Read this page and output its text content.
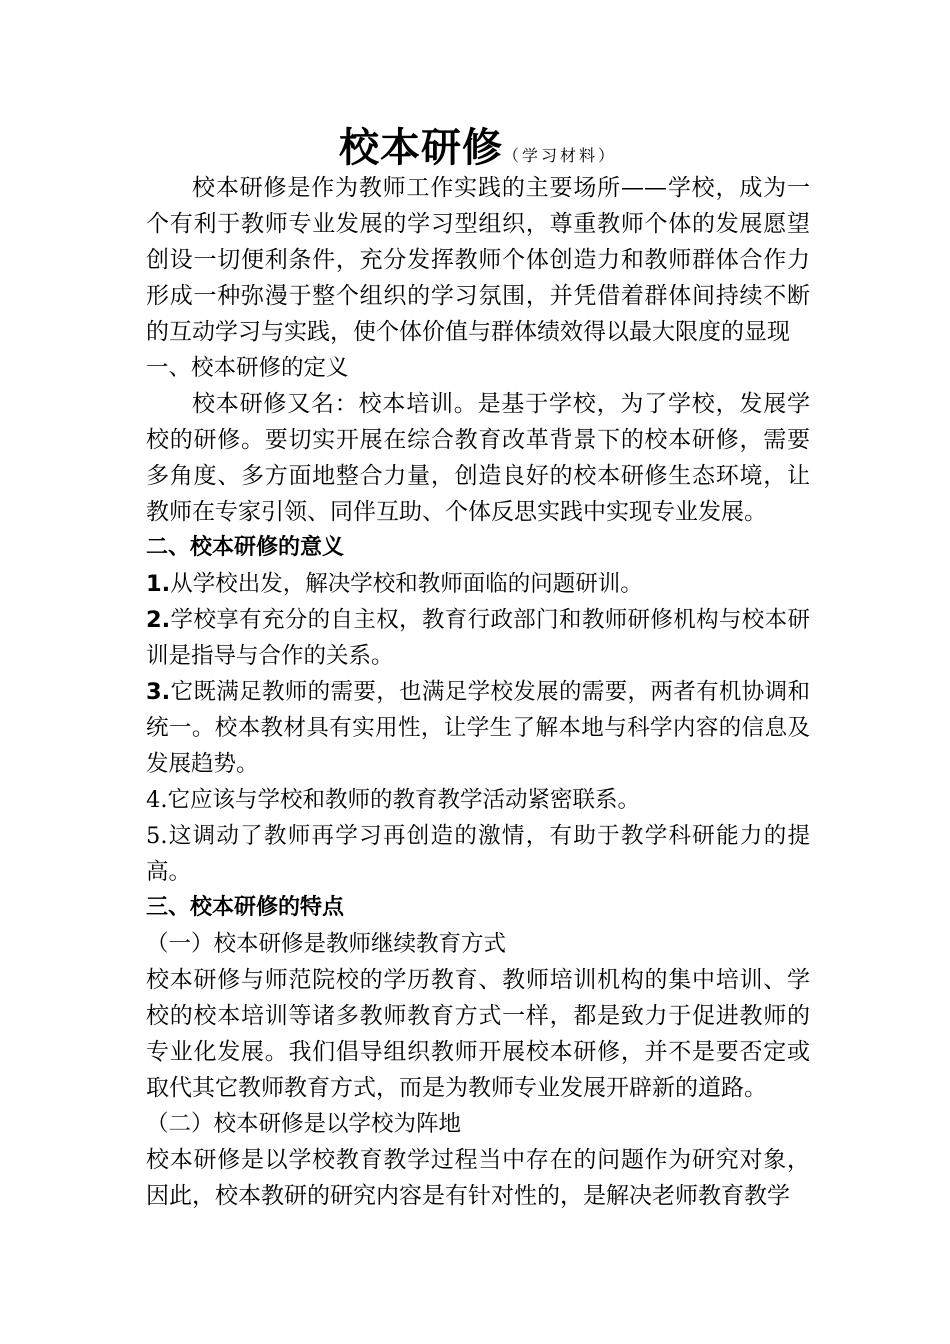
校本研修（学习材料）
校本研修是作为教师工作实践的主要场所——学校，成为一个有利于教师专业发展的学习型组织，尊重教师个体的发展愿望创设一切便利条件，充分发挥教师个体创造力和教师群体合作力形成一种弥漫于整个组织的学习氛围，并凭借着群体间持续不断的互动学习与实践，使个体价值与群体绩效得以最大限度的显现
一、校本研修的定义
校本研修又名：校本培训。是基于学校，为了学校，发展学校的研修。要切实开展在综合教育改革背景下的校本研修，需要多角度、多方面地整合力量，创造良好的校本研修生态环境，让教师在专家引领、同伴互助、个体反思实践中实现专业发展。
二、校本研修的意义
1.从学校出发，解决学校和教师面临的问题研训。
2.学校享有充分的自主权，教育行政部门和教师研修机构与校本研训是指导与合作的关系。
3.它既满足教师的需要，也满足学校发展的需要，两者有机协调和统一。校本教材具有实用性，让学生了解本地与科学内容的信息及发展趋势。
4.它应该与学校和教师的教育教学活动紧密联系。
5.这调动了教师再学习再创造的激情，有助于教学科研能力的提高。
三、校本研修的特点
（一）校本研修是教师继续教育方式
校本研修与师范院校的学历教育、教师培训机构的集中培训、学校的校本培训等诸多教师教育方式一样，都是致力于促进教师的专业化发展。我们倡导组织教师开展校本研修，并不是要否定或取代其它教师教育方式，而是为教师专业发展开辟新的道路。
（二）校本研修是以学校为阵地
校本研修是以学校教育教学过程当中存在的问题作为研究对象，因此，校本教研的研究内容是有针对性的，是解决老师教育教学
